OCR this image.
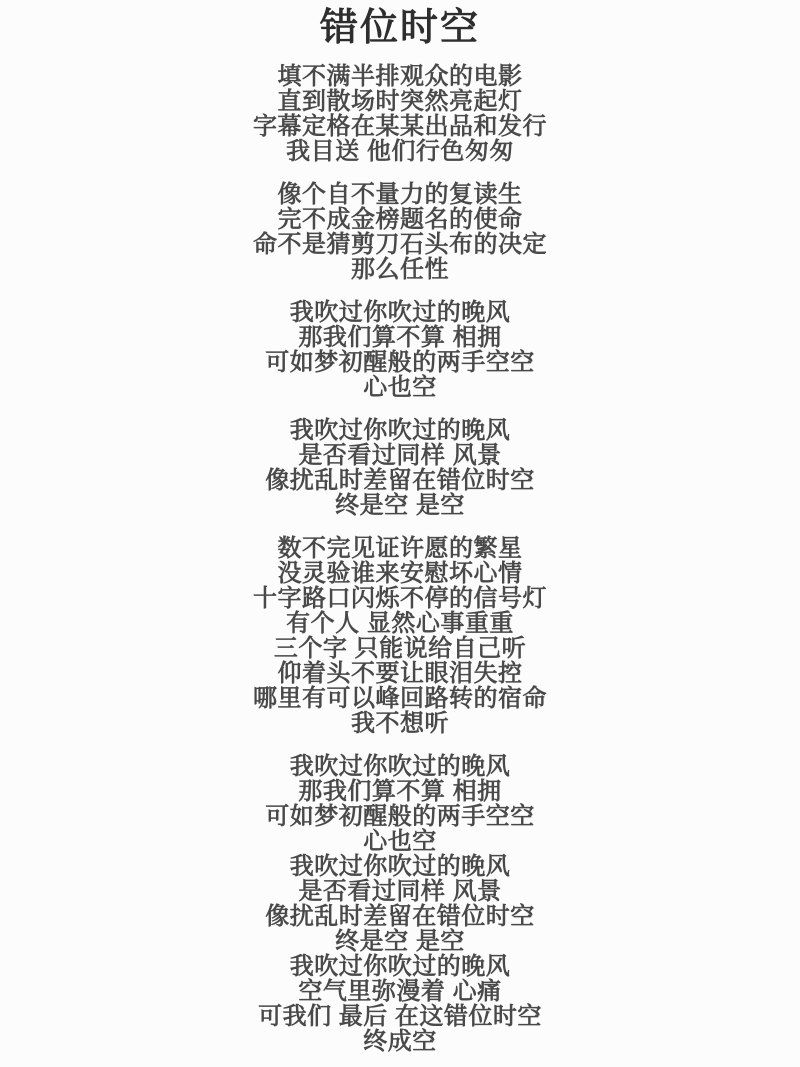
错位时空

填不满半排观众的电影

直到散场时突然亮起灯

字幕定格在某某出品和发行

我目送 他们行色匆匆

像个自不量力的复读生

完不成金榜题名的使命

命不是猜剪刀石头布的决定

那么任性

我吹过你吹过的晚风

那我们算不算 相拥

可如梦初醒般的两手空空

心也空

我吹过你吹过的晚风

是否看过同样 风景

像扰乱时差留在错位时空

终是空 是空

数不完见证许愿的繁星

没灵验谁来安慰坏心情

十字路口闪烁不停的信号灯

有个人 显然心事重重

三个字 只能说给自己听

仰着头不要让眼泪失控

哪里有可以峰回路转的宿命

我不想听

我吹过你吹过的晚风

那我们算不算 相拥

可如梦初醒般的两手空空

心也空

我吹过你吹过的晚风

是否看过同样 风景

像扰乱时差留在错位时空

终是空 是空

我吹过你吹过的晚风

空气里弥漫着 心痛

可我们 最后 在这错位时空

终成空
